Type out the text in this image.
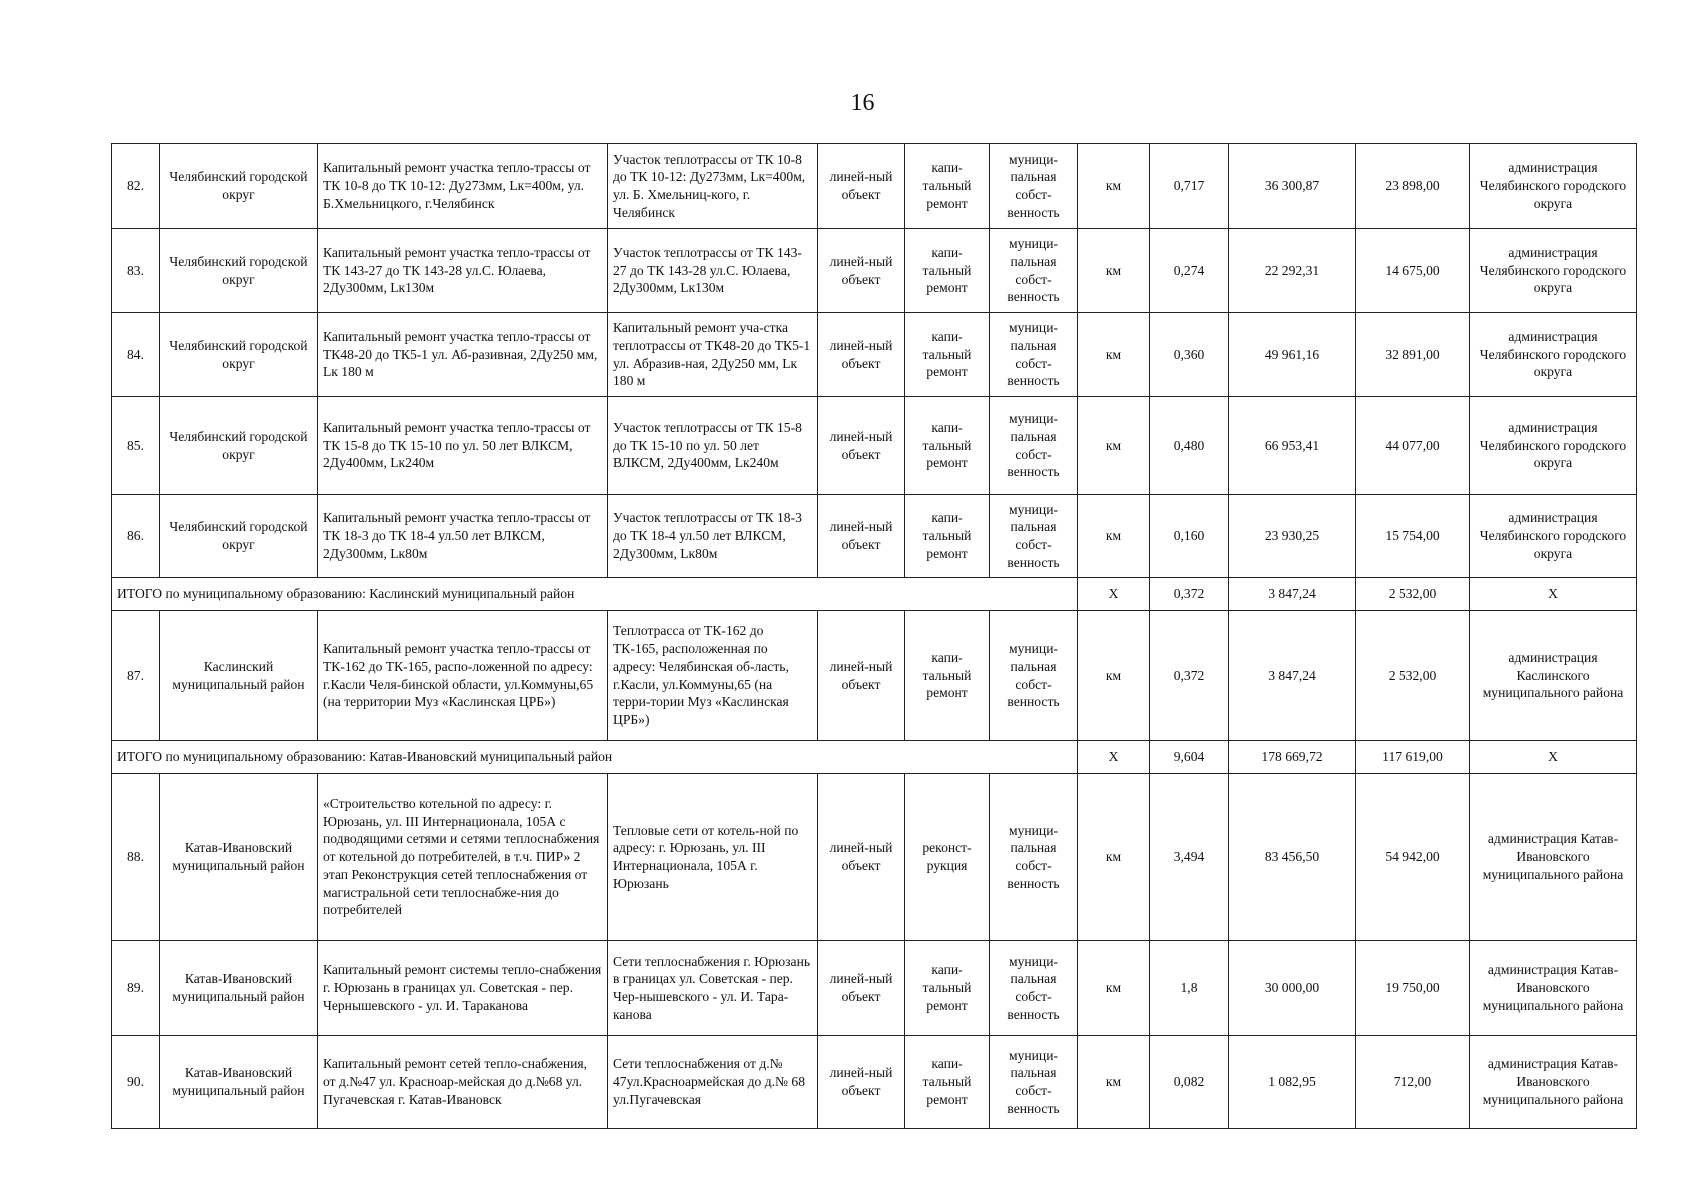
16
82.	Челябинский городской округ	Капитальный ремонт участка тепло-трассы от ТК 10-8 до ТК 10-12: Ду273мм, Lк=400м, ул. Б.Хмельницкого, г.Челябинск	Участок теплотрассы от ТК 10-8 до ТК 10-12: Ду273мм, Lк=400м, ул. Б. Хмельниц-кого, г. Челябинск	линей-ный объект	капи-тальный ремонт	муници-пальная собст-венность	км	0,717	36 300,87	23 898,00	администрация Челябинского городского округа
83.	Челябинский городской округ	Капитальный ремонт участка тепло-трассы от ТК 143-27 до ТК 143-28 ул.С. Юлаева, 2Ду300мм, Lк130м	Участок теплотрассы от ТК 143-27 до ТК 143-28 ул.С. Юлаева, 2Ду300мм, Lк130м	линей-ный объект	капи-тальный ремонт	муници-пальная собст-венность	км	0,274	22 292,31	14 675,00	администрация Челябинского городского округа
84.	Челябинский городской округ	Капитальный ремонт участка тепло-трассы от ТК48-20 до ТК5-1 ул. Аб-разивная, 2Ду250 мм, Lк 180 м	Капитальный ремонт уча-стка теплотрассы от ТК48-20 до ТК5-1 ул. Абразив-ная, 2Ду250 мм, Lк 180 м	линей-ный объект	капи-тальный ремонт	муници-пальная собст-венность	км	0,360	49 961,16	32 891,00	администрация Челябинского городского округа
85.	Челябинский городской округ	Капитальный ремонт участка тепло-трассы от ТК 15-8 до ТК 15-10 по ул. 50 лет ВЛКСМ, 2Ду400мм, Lк240м	Участок теплотрассы от ТК 15-8 до ТК 15-10 по ул. 50 лет ВЛКСМ, 2Ду400мм, Lк240м	линей-ный объект	капи-тальный ремонт	муници-пальная собст-венность	км	0,480	66 953,41	44 077,00	администрация Челябинского городского округа
86.	Челябинский городской округ	Капитальный ремонт участка тепло-трассы от ТК 18-3 до ТК 18-4 ул.50 лет ВЛКСМ, 2Ду300мм, Lк80м	Участок теплотрассы от ТК 18-3 до ТК 18-4 ул.50 лет ВЛКСМ, 2Ду300мм, Lк80м	линей-ный объект	капи-тальный ремонт	муници-пальная собст-венность	км	0,160	23 930,25	15 754,00	администрация Челябинского городского округа
ИТОГО по муниципальному образованию: Каслинский муниципальный район							Х	0,372	3 847,24	2 532,00	Х
87.	Каслинский муниципальный район	Капитальный ремонт участка тепло-трассы от ТК-162 до ТК-165, распо-ложенной по адресу: г.Касли Челя-бинской области, ул.Коммуны,65 (на территории Муз «Каслинская ЦРБ»)	Теплотрасса от ТК-162 до ТК-165, расположенная по адресу: Челябинская об-ласть, г.Касли, ул.Коммуны,65 (на терри-тории Муз «Каслинская ЦРБ»)	линей-ный объект	капи-тальный ремонт	муници-пальная собст-венность	км	0,372	3 847,24	2 532,00	администрация Каслинского муниципального района
ИТОГО по муниципальному образованию: Катав-Ивановский муниципальный район							Х	9,604	178 669,72	117 619,00	Х
88.	Катав-Ивановский муниципальный район	«Строительство котельной по адресу: г. Юрюзань, ул. III Интернационала, 105А с подводящими сетями и сетями теплоснабжения от котельной до потребителей, в т.ч. ПИР» 2 этап Реконструкция сетей теплоснабжения от магистральной сети теплоснабже-ния до потребителей	Тепловые сети от котель-ной по адресу: г. Юрюзань, ул. III Интернационала, 105А г. Юрюзань	линей-ный объект	реконст-рукция	муници-пальная собст-венность	км	3,494	83 456,50	54 942,00	администрация Катав-Ивановского муниципального района
89.	Катав-Ивановский муниципальный район	Капитальный ремонт системы тепло-снабжения г. Юрюзань в границах ул. Советская - пер. Чернышевского - ул. И. Тараканова	Сети теплоснабжения г. Юрюзань в границах ул. Советская - пер. Чер-нышевского - ул. И. Тара-канова	линей-ный объект	капи-тальный ремонт	муници-пальная собст-венность	км	1,8	30 000,00	19 750,00	администрация Катав-Ивановского муниципального района
90.	Катав-Ивановский муниципальный район	Капитальный ремонт сетей тепло-снабжения, от д.№47 ул. Красноар-мейская до д.№68 ул. Пугачевская г. Катав-Ивановск	Сети теплоснабжения от д.№ 47ул.Красноармейская до д.№ 68 ул.Пугачевская	линей-ный объект	капи-тальный ремонт	муници-пальная собст-венность	км	0,082	1 082,95	712,00	администрация Катав-Ивановского муниципального района
